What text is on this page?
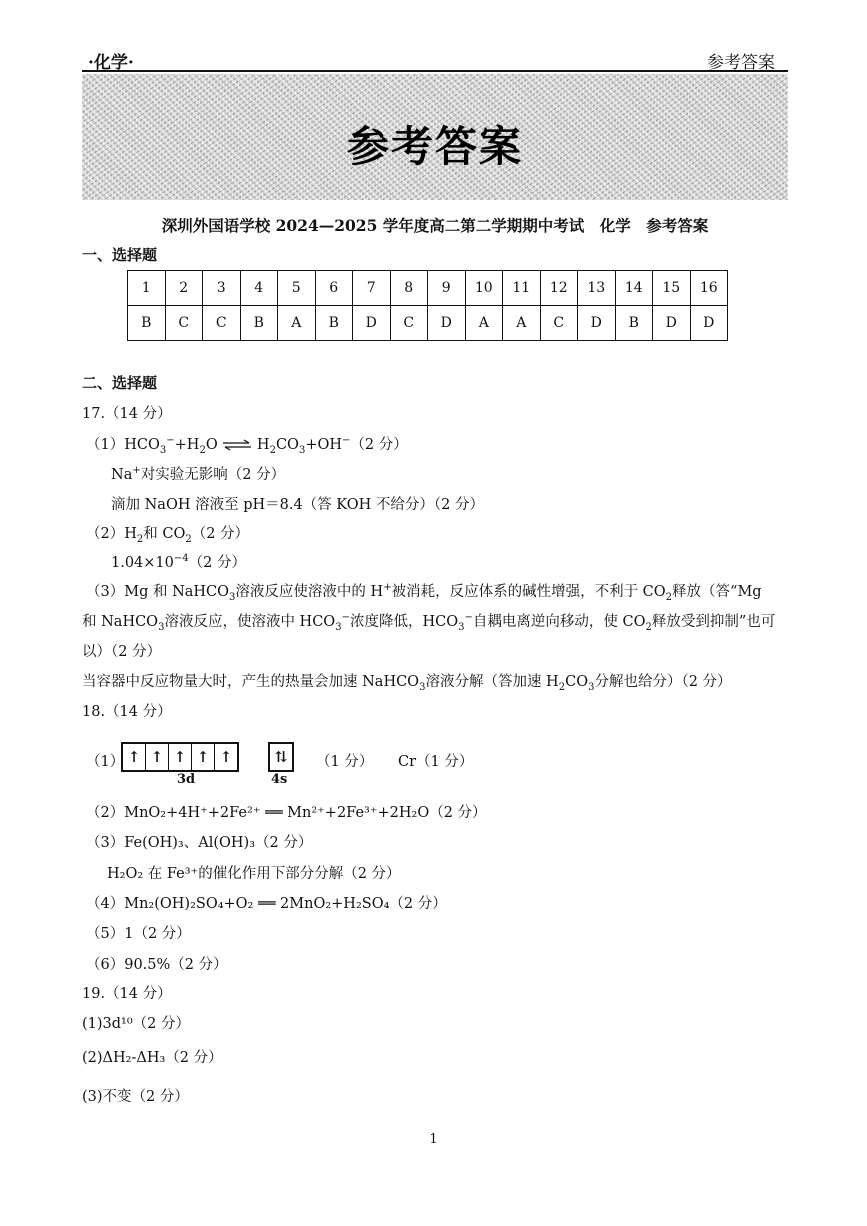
·化学·	参考答案
参考答案
深圳外国语学校 2024—2025 学年度高二第二学期期中考试　化学　参考答案
一、选择题
1	2	3	4	5	6	7	8	9	10	11	12	13	14	15	16
B	C	C	B	A	B	D	C	D	A	A	C	D	B	D	D
二、选择题
17.（14 分）
$(1)HCO_3^-+H_2O$ ⇌ $H_2CO_3+OH^-(2$ 分）
Na+对实验无影响（2 分）
滴加 NaOH 溶液至 pH＝8.4（答 KOH 不给分）（2 分）
$(2)H_2$和 $CO_2(2$ 分）
$1.04\times 10^{-4}(2$ 分）
（3）Mg 和 NaHCO$_3$溶液反应使溶液中的 H+被消耗，反应体系的碱性增强，不利于 $CO_2$释放（答“Mg
和 NaHCO$_3$溶液反应，使溶液中 $HCO_3^-$浓度降低，$HCO_3^-$自耦电离逆向移动，使 $CO_2$释放受到抑制”也可
以）（2 分）
当容器中反应物量大时，产生的热量会加速 NaHCO$_3$溶液分解（答加速 $H_2CO_3$分解也给分）（2 分）
18.（14 分）
（1） ↑ ↑ ↑ ↑ ↑	⇅
3d	4s
（1 分） Cr（1 分）
（2）MnO₂+4H⁺+2Fe²⁺ ══ Mn²⁺+2Fe³⁺+2H₂O（2 分）
（3）Fe(OH)₃、Al(OH)₃（2 分）
H₂O₂ 在 Fe³⁺的催化作用下部分分解（2 分）
（4）Mn₂(OH)₂SO₄+O₂ ══ 2MnO₂+H₂SO₄（2 分）
（5）1（2 分）
（6）90.5%（2 分）
19.（14 分）
(1)3d¹⁰（2 分）
(2)ΔH₂-ΔH₃（2 分）
(3)不变（2 分）
1
